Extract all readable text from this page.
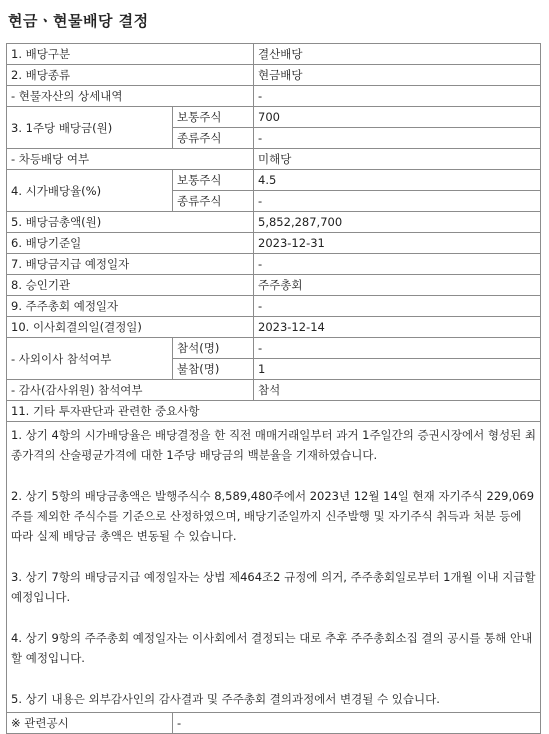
현금ㆍ현물배당 결정
1. 배당구분		결산배당
2. 배당종류		현금배당
- 현물자산의 상세내역		-
3. 1주당 배당금(원)	보통주식	700
	종류주식	-
- 차등배당 여부		미해당
4. 시가배당율(%)	보통주식	4.5
	종류주식	-
5. 배당금총액(원)		5,852,287,700
6. 배당기준일		2023-12-31
7. 배당금지급 예정일자		-
8. 승인기관		주주총회
9. 주주총회 예정일자		-
10. 이사회결의일(결정일)		2023-12-14
- 사외이사 참석여부	참석(명)	-
	불참(명)	1
- 감사(감사위원) 참석여부		참석
11. 기타 투자판단과 관련한 중요사항		

1. 상기 4항의 시가배당율은 배당결정을 한 직전 매매거래일부터 과거 1주일간의 증권시장에서 형성된 최종가격의 산술평균가격에 대한 1주당 배당금의 백분율을 기재하였습니다.

2. 상기 5항의 배당금총액은 발행주식수 8,589,480주에서 2023년 12월 14일 현재 자기주식 229,069주를 제외한 주식수를 기준으로 산정하였으며, 배당기준일까지 신주발행 및 자기주식 취득과 처분 등에 따라 실제 배당금 총액은 변동될 수 있습니다.

3. 상기 7항의 배당금지급 예정일자는 상법 제464조2 규정에 의거, 주주총회일로부터 1개월 이내 지급할 예정입니다.

4. 상기 9항의 주주총회 예정일자는 이사회에서 결정되는 대로 추후 주주총회소집 결의 공시를 통해 안내할 예정입니다.

5. 상기 내용은 외부감사인의 감사결과 및 주주총회 결의과정에서 변경될 수 있습니다.		

※ 관련공시	-	
